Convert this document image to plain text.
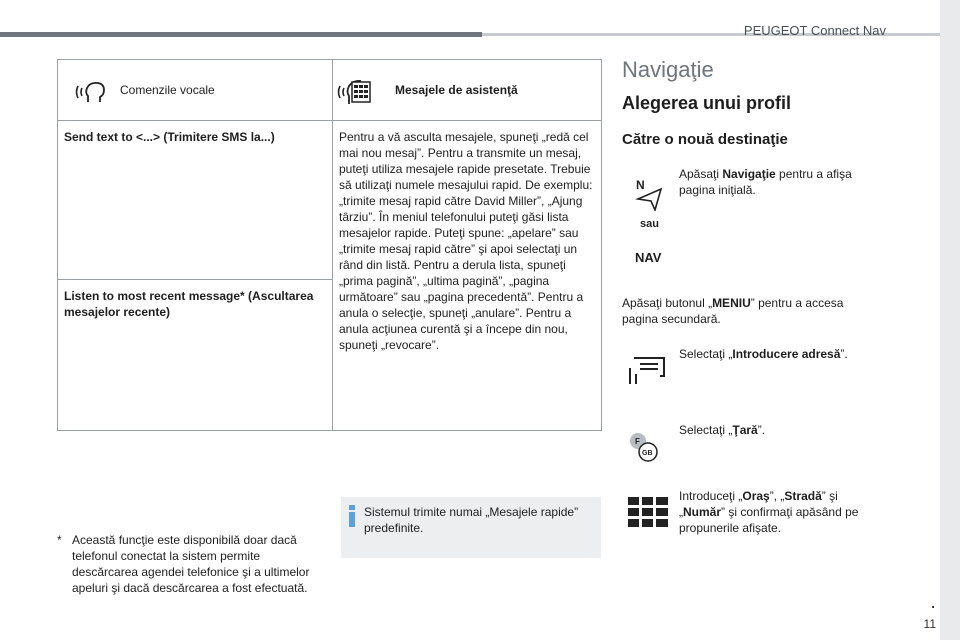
PEUGEOT Connect Nav
.
11
Comenzile vocale	Mesajele de asistenţă

Send text to <...> (Trimitere SMS la...)	Pentru a vă asculta mesajele, spuneţi „redă cel mai nou mesaj”. Pentru a transmite un mesaj, puteţi utiliza mesajele rapide presetate. Trebuie să utilizaţi numele mesajului rapid. De exemplu: „trimite mesaj rapid către David Miller”, „Ajung târziu”. În meniul telefonului puteţi găsi lista mesajelor rapide. Puteţi spune: „apelare” sau „trimite mesaj rapid către” şi apoi selectaţi un rând din listă. Pentru a derula lista, spuneţi „prima pagină”, „ultima pagină”, „pagina următoare” sau „pagina precedentă”. Pentru a anula o selecţie, spuneţi „anulare”. Pentru a anula acţiunea curentă şi a începe din nou, spuneţi „revocare”.
Listen to most recent message* (Ascultarea mesajelor recente)	
* Această funcţie este disponibilă doar dacă telefonul conectat la sistem permite descărcarea agendei telefonice şi a ultimelor apeluri şi dacă descărcarea a fost efectuată.
Sistemul trimite numai „Mesajele rapide” predefinite.
Navigaţie
Alegerea unui profil
Către o nouă destinaţie
N
sau
NAV
Apăsaţi Navigaţie pentru a afişa pagina iniţială.
Apăsaţi butonul „MENIU” pentru a accesa pagina secundară.
Selectaţi „Introducere adresă”.
F
GB
Selectaţi „Ţară”.
Introduceţi „Oraş”, „Stradă” şi „Număr” şi confirmaţi apăsând pe propunerile afişate.
